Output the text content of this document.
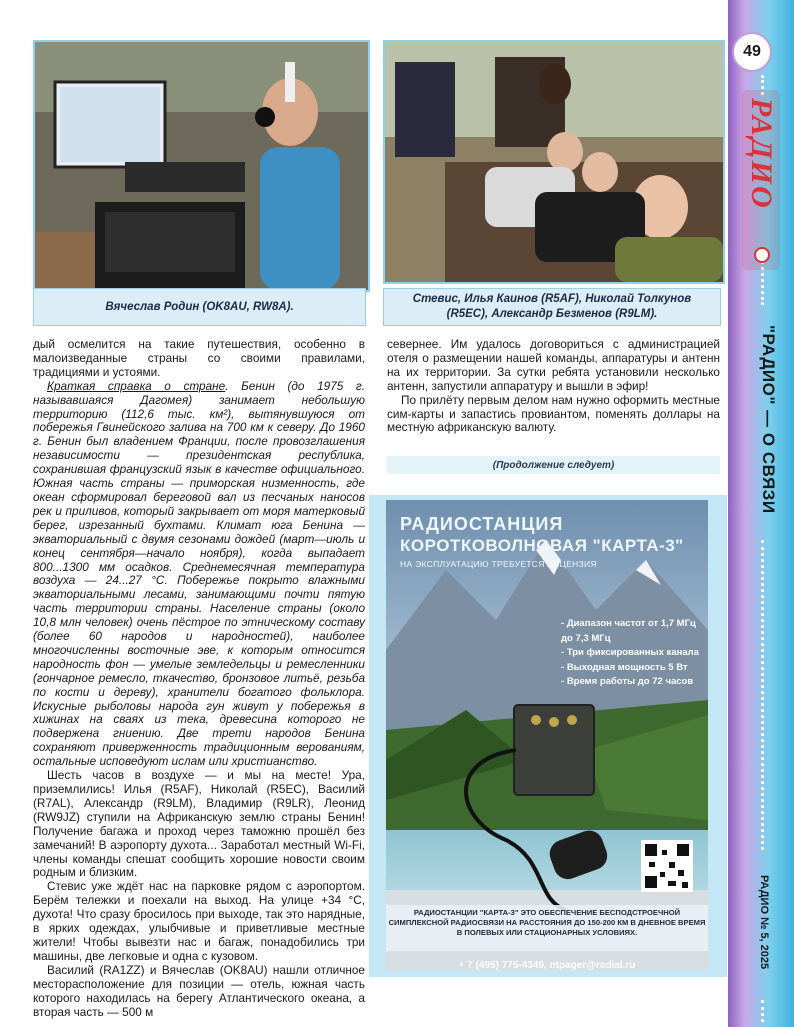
Вячеслав Родин (OK8AU, RW8A).
Стевис, Илья Каинов (R5AF), Николай Толкунов (R5EC), Александр Безменов (R9LM).

дый осмелится на такие путешествия, особенно в малоизведанные страны со своими правилами, традициями и устоями.

Краткая справка о стране. Бенин (до 1975 г. называвшаяся Дагомея) занимает небольшую территорию (112,6 тыс. км²), вытянувшуюся от побережья Гвинейского залива на 700 км к северу. До 1960 г. Бенин был владением Франции, после провозглашения независимости — президентская республика, сохранившая французский язык в качестве официального. Южная часть страны — приморская низменность, где океан сформировал береговой вал из песчаных наносов рек и приливов, который закрывает от моря матерковый берег, изрезанный бухтами. Климат юга Бенина — экваториальный с двумя сезонами дождей (март—июль и конец сентября—начало ноября), когда выпадает 800...1300 мм осадков. Среднемесячная температура воздуха — 24...27 °С. Побережье покрыто влажными экваториальными лесами, занимающими почти пятую часть территории страны. Население страны (около 10,8 млн человек) очень пёстрое по этническому составу (более 60 народов и народностей), наиболее многочисленны восточные эве, к которым относится народность фон — умелые земледельцы и ремесленники (гончарное ремесло, ткачество, бронзовое литьё, резьба по кости и дереву), хранители богатого фольклора. Искусные рыболовы народа гун живут у побережья в хижинах на сваях из тека, древесина которого не подвержена гниению. Две трети народов Бенина сохраняют приверженность традиционным верованиям, остальные исповедуют ислам или христианство.

Шесть часов в воздухе — и мы на месте! Ура, приземлились! Илья (R5AF), Николай (R5EC), Василий (R7AL), Александр (R9LM), Владимир (R9LR), Леонид (RW9JZ) ступили на Африканскую землю страны Бенин! Получение багажа и проход через таможню прошёл без замечаний! В аэропорту духота... Заработал местный Wi-Fi, члены команды спешат сообщить хорошие новости своим родным и близким.

Стевис уже ждёт нас на парковке рядом с аэропортом. Берём тележки и поехали на выход. На улице +34 °С, духота! Что сразу бросилось при выходе, так это нарядные, в ярких одеждах, улыбчивые и приветливые местные жители! Чтобы вывезти нас и багаж, понадобились три машины, две легковые и одна с кузовом.

Василий (RA1ZZ) и Вячеслав (OK8AU) нашли отличное месторасположение для позиции — отель, южная часть которого находилась на берегу Атлантического океана, а вторая часть — 500 м

севернее. Им удалось договориться с администрацией отеля о размещении нашей команды, аппаратуры и антенн на их территории. За сутки ребята установили несколько антенн, запустили аппаратуру и вышли в эфир!

По прилёту первым делом нам нужно оформить местные сим-карты и запастись провиантом, поменять доллары на местную африканскую валюту.

(Продолжение следует)
РАДИОСТАНЦИЯ
КОРОТКОВОЛНОВАЯ "КАРТА-3"
НА ЭКСПЛУАТАЦИЮ ТРЕБУЕТСЯ ЛИЦЕНЗИЯ
- Диапазон частот от 1,7 МГц до 7,3 МГц
- Три фиксированных канала
- Выходная мощность 5 Вт
- Время работы до 72 часов
РАДИОСТАНЦИИ "КАРТА-3" ЭТО ОБЕСПЕЧЕНИЕ БЕСПОДСТРОЕЧНОЙ СИМПЛЕКСНОЙ РАДИОСВЯЗИ НА РАССТОЯНИЯ ДО 150-200 КМ В ДНЕВНОЕ ВРЕМЯ В ПОЛЕВЫХ ИЛИ СТАЦИОНАРНЫХ УСЛОВИЯХ.
+ 7 (495) 775-4349, ntpager@radial.ru
49
РАДИО
"РАДИО" — О СВЯЗИ
РАДИО № 5, 2025
